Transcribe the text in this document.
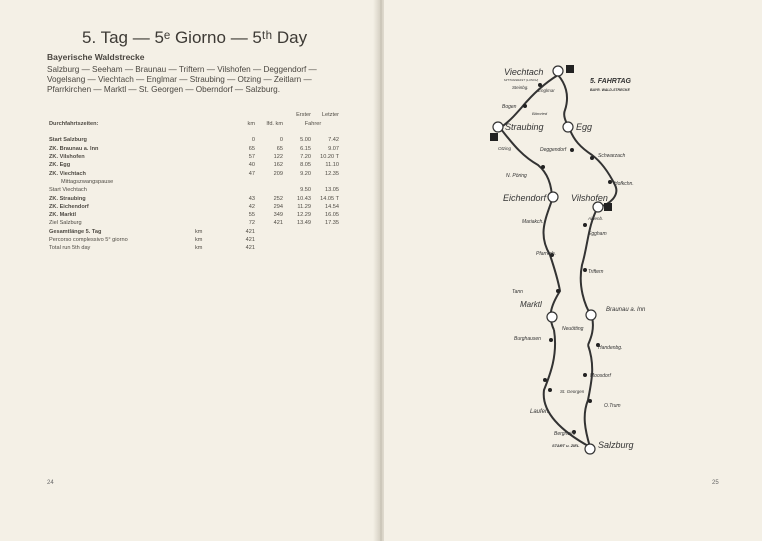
5. Tag — 5ᵉ Giorno — 5ᵗʰ Day
Bayerische Waldstrecke
Salzburg — Seeham — Braunau — Triftern — Vilshofen — Deggendorf — Vogelsang — Viechtach — Englmar — Straubing — Otzing — Zeitlarn — Pfarrkirchen — Marktl — St. Georgen — Oberndorf — Salzburg.
				Erster	Letzter
Durchfahrtszeiten:		km	lfd. km	Fahrer	

Start Salzburg		0	0	5.00	7.42
ZK. Braunau a. Inn		65	65	6.15	9.07
ZK. Vilshofen		57	122	7.20	10.20 T
ZK. Egg		40	162	8.05	11.10
ZK. Viechtach		47	209	9.20	12.35
Mittagszwangspause					
Start Viechtach				9.50	13.05
ZK. Straubing		43	252	10.43	14.05 T
ZK. Eichendorf		42	294	11.29	14.54
ZK. Marktl		55	349	12.29	16.05
Ziel Salzburg		72	421	13.49	17.35
Gesamtlänge 5. Tag	km	421			
Percorso complessivo 5° giorno	km	421			
Total run 5th day	km	421			
24	25
5. FAHRTAG
BAYR. WALD-STRECKE
Viechtach
MITTAGSRAST (LUNCH)
Steinbg.
Englmar
Bogen
Bärnried
Straubing	Egg
Otzing	Deggendorf
Schwarzach
N. Pöring
Hofkchn.
Eichendorf	Vilshofen
Mariakch.
Aidenb.
Eggham
Pfarrkch.
Triftern
Tann
Marktl
Braunau a. Inn
Neuötting
Burghausen
Handenbg.
Moosdorf
St. Georgen
O.Trum
Laufen
Bergheim
START u. ZIEL Salzburg
